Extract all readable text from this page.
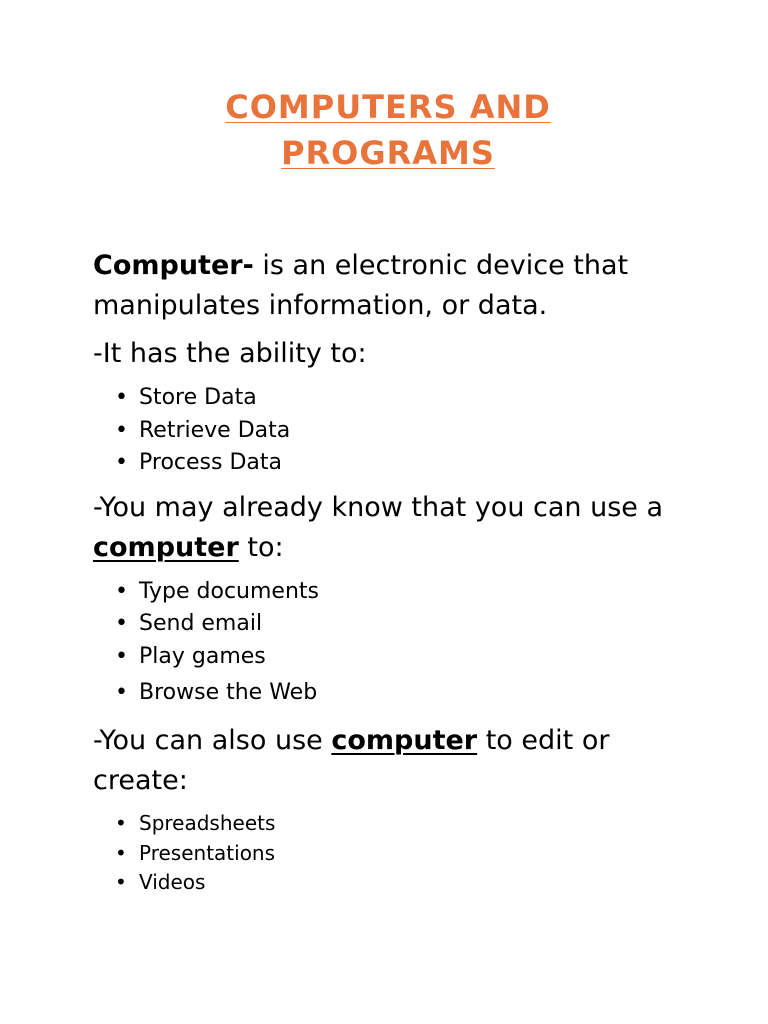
COMPUTERS AND
PROGRAMS

Computer- is an electronic device that manipulates information, or data.

-It has the ability to:

• Store Data
• Retrieve Data
• Process Data

-You may already know that you can use a computer to:

• Type documents
• Send email
• Play games
• Browse the Web

-You can also use computer to edit or create:

• Spreadsheets
• Presentations
• Videos
